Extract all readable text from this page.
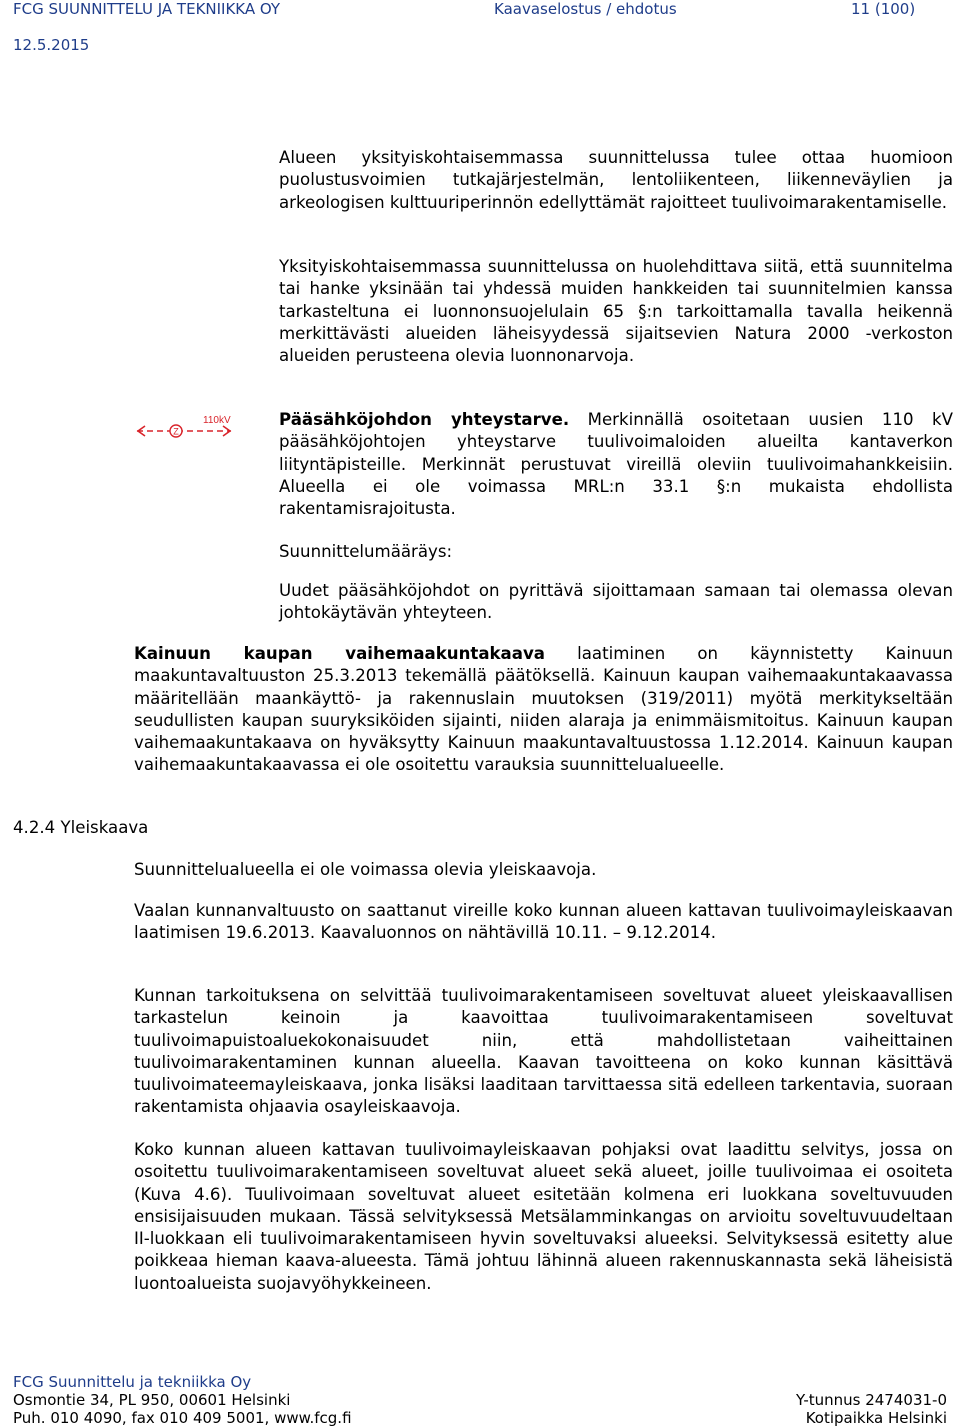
FCG SUUNNITTELU JA TEKNIIKKA OY	Kaavaselostus / ehdotus	11 (100)
12.5.2015
Alueen yksityiskohtaisemmassa suunnittelussa tulee ottaa huomioon puolustusvoimien tutkajärjestelmän, lentoliikenteen, liikenneväylien ja arkeologisen kulttuuriperinnön edellyttämät rajoitteet tuulivoimarakentamiselle.
Yksityiskohtaisemmassa suunnittelussa on huolehdittava siitä, että suunnitelma tai hanke yksinään tai yhdessä muiden hankkeiden tai suunnitelmien kanssa tarkasteltuna ei luonnonsuojelulain 65 §:n tarkoittamalla tavalla heikennä merkittävästi alueiden läheisyydessä sijaitsevien Natura 2000 -verkoston alueiden perusteena olevia luonnonarvoja.
Pääsähköjohdon yhteystarve. Merkinnällä osoitetaan uusien 110 kV pääsähköjohtojen yhteystarve tuulivoimaloiden alueilta kantaverkon liityntäpisteille. Merkinnät perustuvat vireillä oleviin tuulivoimahankkeisiin. Alueella ei ole voimassa MRL:n 33.1 §:n mukaista ehdollista rakentamisrajoitusta.
Suunnittelumääräys:
Uudet pääsähköjohdot on pyrittävä sijoittamaan samaan tai olemassa olevan johtokäytävän yhteyteen.
Z
110kV
Kainuun kaupan vaihemaakuntakaava laatiminen on käynnistetty Kainuun maakuntavaltuuston 25.3.2013 tekemällä päätöksellä. Kainuun kaupan vaihemaakuntakaavassa määritellään maankäyttö- ja rakennuslain muutoksen (319/2011) myötä merkitykseltään seudullisten kaupan suuryksiköiden sijainti, niiden alaraja ja enimmäismitoitus. Kainuun kaupan vaihemaakuntakaava on hyväksytty Kainuun maakuntavaltuustossa 1.12.2014. Kainuun kaupan vaihemaakuntakaavassa ei ole osoitettu varauksia suunnittelualueelle.
4.2.4 Yleiskaava
Suunnittelualueella ei ole voimassa olevia yleiskaavoja.
Vaalan kunnanvaltuusto on saattanut vireille koko kunnan alueen kattavan tuulivoimayleiskaavan laatimisen 19.6.2013. Kaavaluonnos on nähtävillä 10.11. – 9.12.2014.
Kunnan tarkoituksena on selvittää tuulivoimarakentamiseen soveltuvat alueet yleiskaavallisen tarkastelun keinoin ja kaavoittaa tuulivoimarakentamiseen soveltuvat tuulivoimapuistoaluekokonaisuudet niin, että mahdollistetaan vaiheittainen tuulivoimarakentaminen kunnan alueella. Kaavan tavoitteena on koko kunnan käsittävä tuulivoimateemayleiskaava, jonka lisäksi laaditaan tarvittaessa sitä edelleen tarkentavia, suoraan rakentamista ohjaavia osayleiskaavoja.
Koko kunnan alueen kattavan tuulivoimayleiskaavan pohjaksi ovat laadittu selvitys, jossa on osoitettu tuulivoimarakentamiseen soveltuvat alueet sekä alueet, joille tuulivoimaa ei osoiteta (Kuva 4.6). Tuulivoimaan soveltuvat alueet esitetään kolmena eri luokkana soveltuvuuden ensisijaisuuden mukaan. Tässä selvityksessä Metsälamminkangas on arvioitu soveltuvuudeltaan II-luokkaan eli tuulivoimarakentamiseen hyvin soveltuvaksi alueeksi. Selvityksessä esitetty alue poikkeaa hieman kaava-alueesta. Tämä johtuu lähinnä alueen rakennuskannasta sekä läheisistä luontoalueista suojavyöhykkeineen.
FCG Suunnittelu ja tekniikka Oy
Osmontie 34, PL 950, 00601 Helsinki
Puh. 010 4090, fax 010 409 5001, www.fcg.fi
Y-tunnus 2474031-0
Kotipaikka Helsinki
